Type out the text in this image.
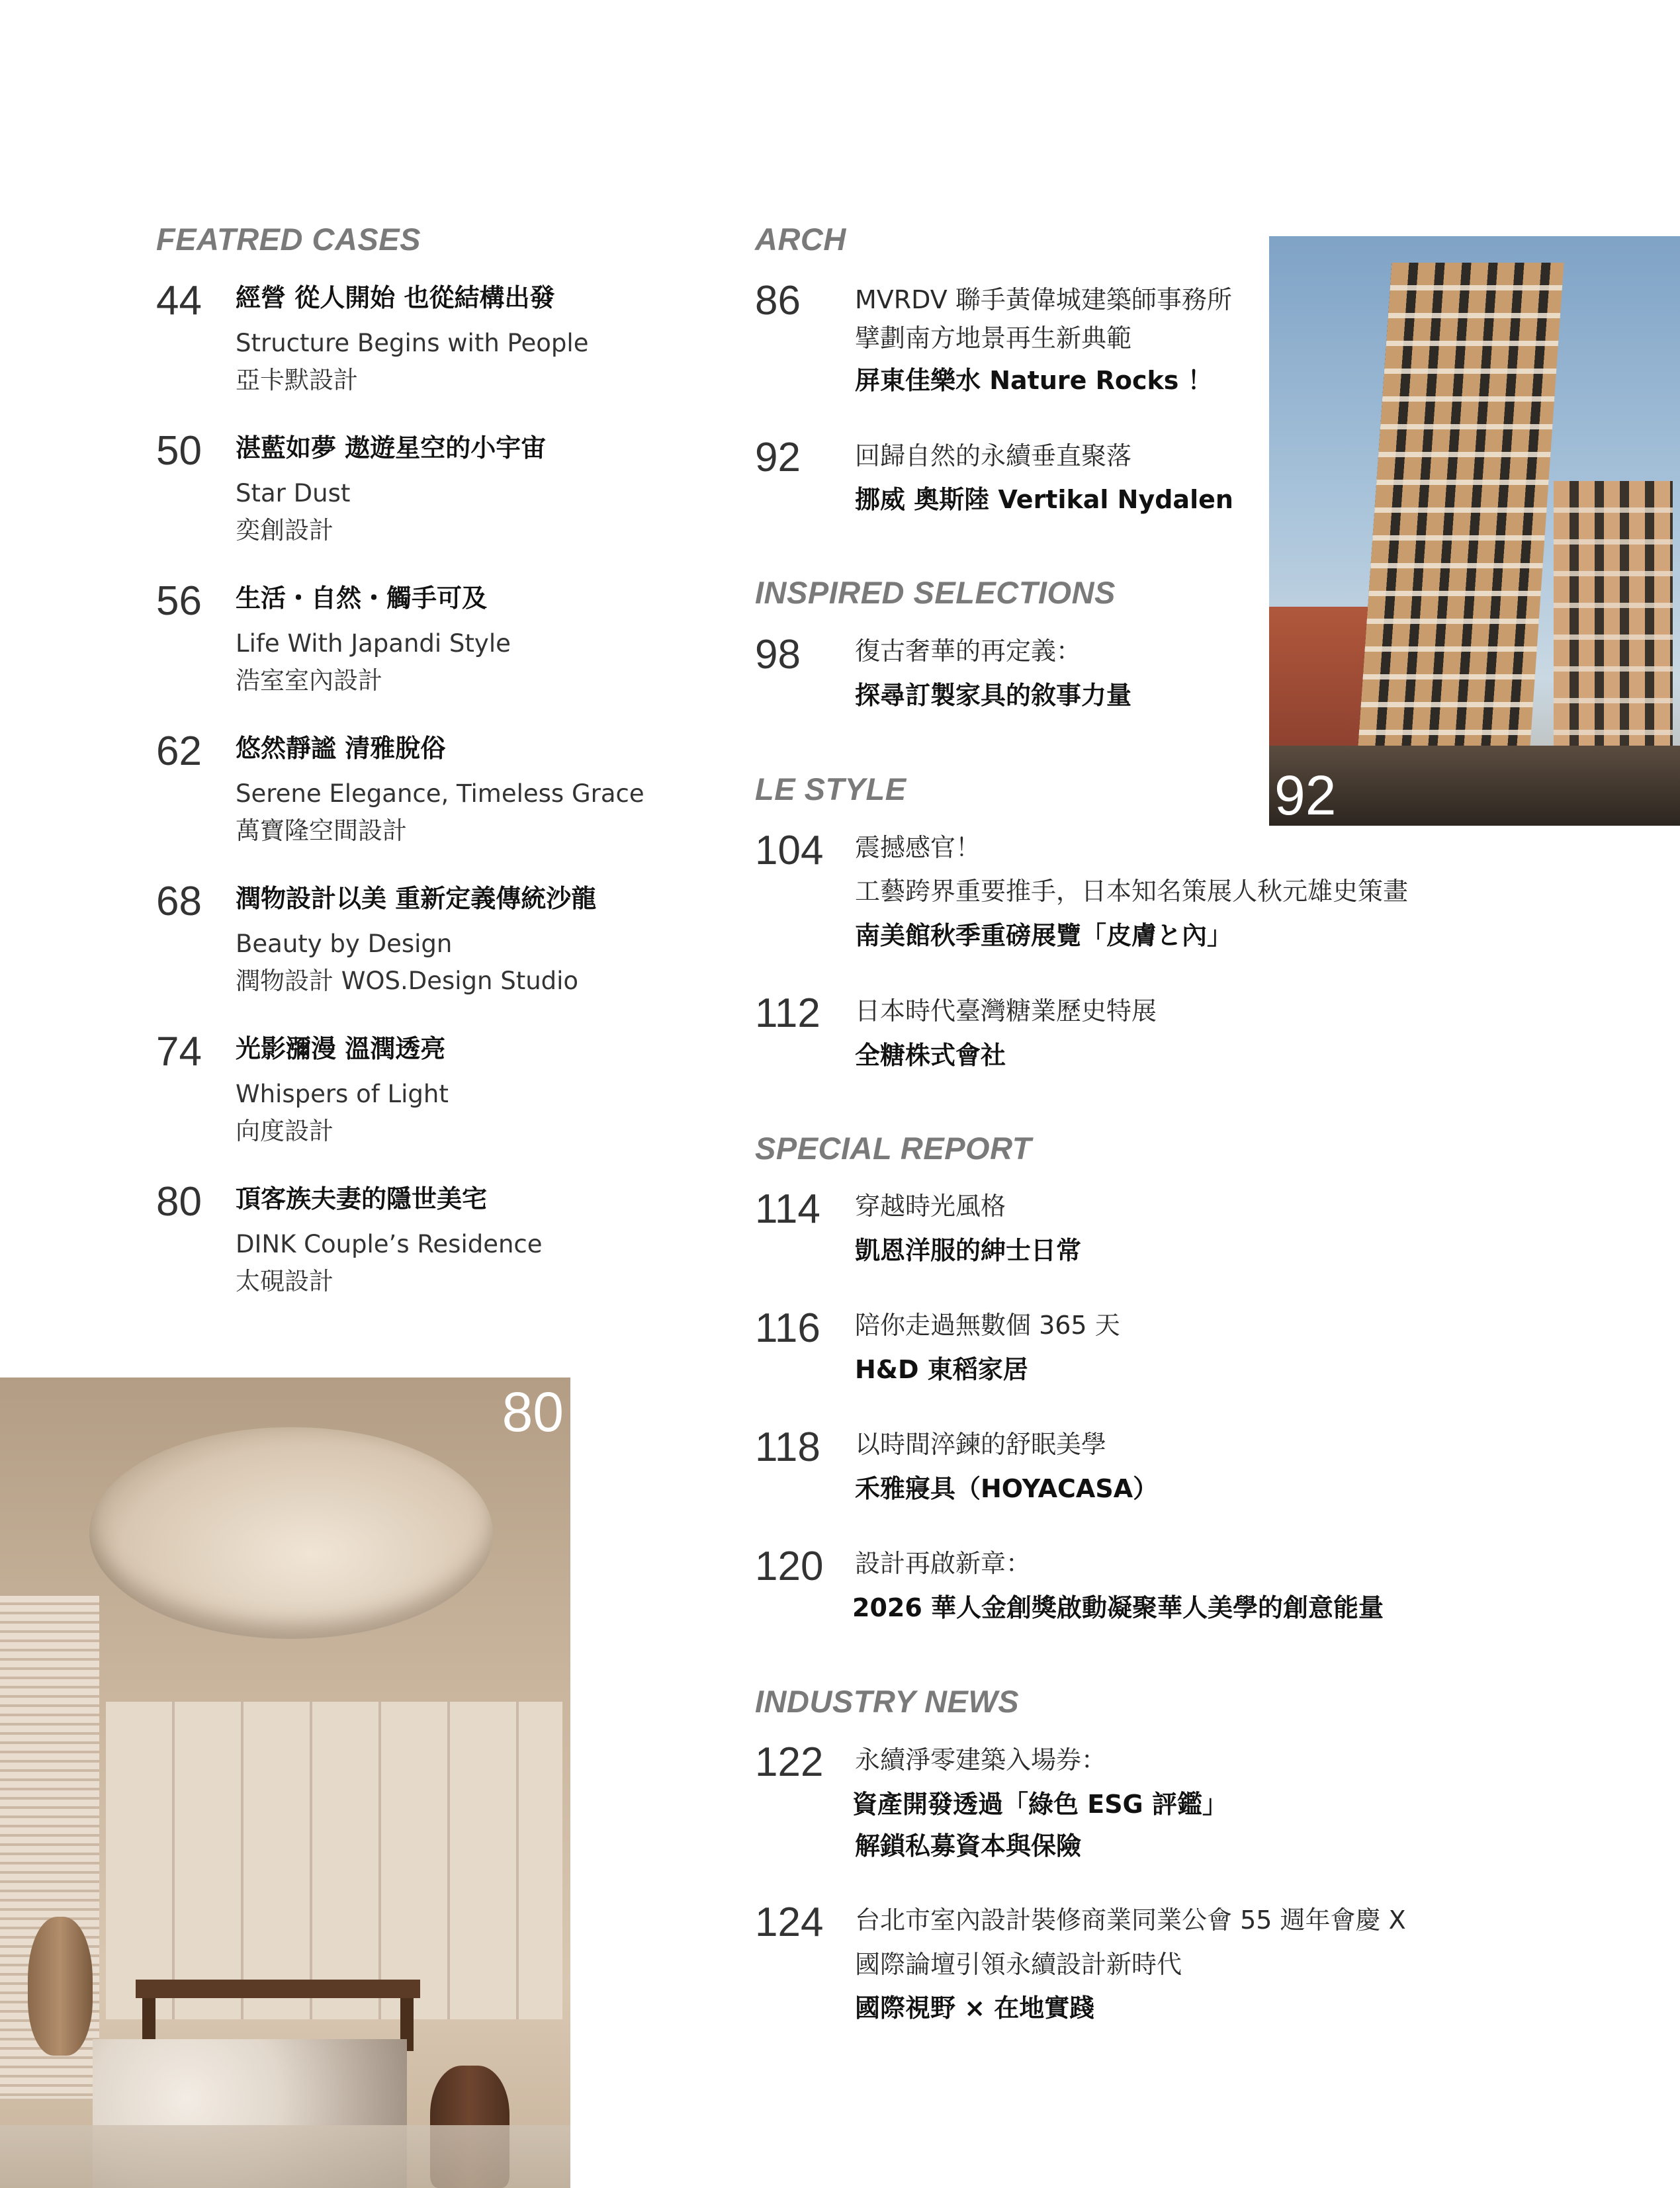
FEATRED CASES
44 經營 從人開始 也從結構出發
Structure Begins with People
亞卡默設計
50 湛藍如夢 遨遊星空的小宇宙
Star Dust
奕創設計
56 生活・自然・觸手可及
Life With Japandi Style
浩室室內設計
62 悠然靜謐 清雅脫俗
Serene Elegance, Timeless Grace
萬寶隆空間設計
68 潤物設計以美 重新定義傳統沙龍
Beauty by Design
潤物設計 WOS.Design Studio
74 光影瀰漫 溫潤透亮
Whispers of Light
向度設計
80 頂客族夫妻的隱世美宅
DINK Couple’s Residence
太硯設計
80
ARCH
86 MVRDV 聯手黃偉城建築師事務所
擘劃南方地景再生新典範
屏東佳樂水 Nature Rocks ！
92 回歸自然的永續垂直聚落
挪威 奧斯陸 Vertikal Nydalen
INSPIRED SELECTIONS
98 復古奢華的再定義：
探尋訂製家具的敘事力量
LE STYLE
104 震撼感官！
工藝跨界重要推手，日本知名策展人秋元雄史策畫
南美館秋季重磅展覽「皮膚と內」
112 日本時代臺灣糖業歷史特展
全糖株式會社
SPECIAL REPORT
114 穿越時光風格
凱恩洋服的紳士日常
116 陪你走過無數個 365 天
H&D 東稻家居
118 以時間淬鍊的舒眠美學
禾雅寢具（HOYACASA）
120 設計再啟新章：
2026 華人金創獎啟動凝聚華人美學的創意能量
INDUSTRY NEWS
122 永續淨零建築入場券：
資產開發透過「綠色 ESG 評鑑」
解鎖私募資本與保險
124 台北市室內設計裝修商業同業公會 55 週年會慶 X
國際論壇引領永續設計新時代
國際視野 × 在地實踐
92
